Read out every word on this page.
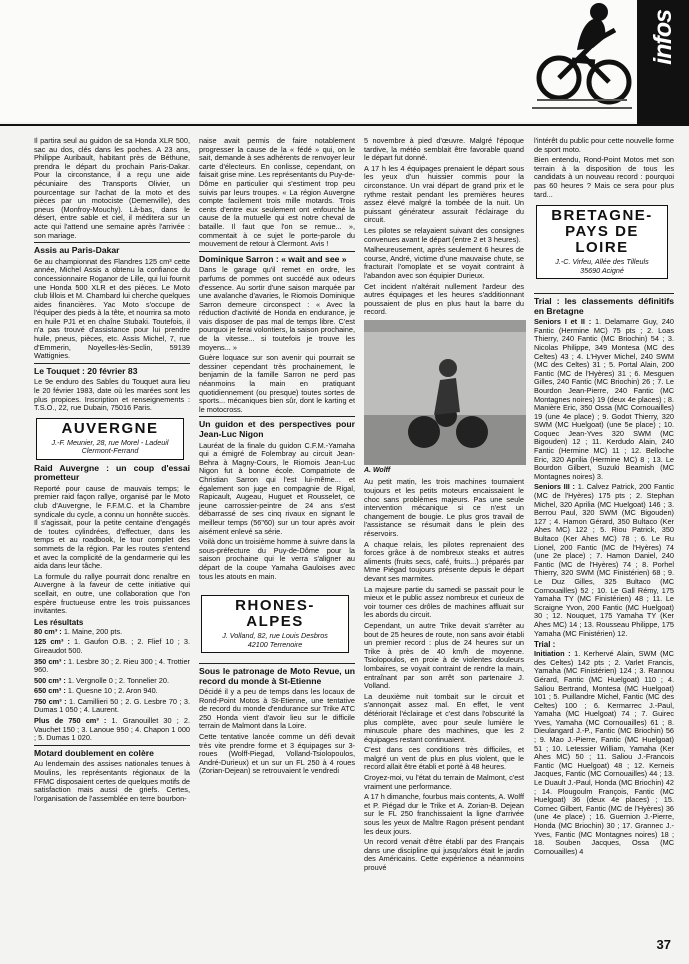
infos

Il partira seul au guidon de sa Honda XLR 500, sac au dos, clés dans les poches. A 23 ans, Philippe Auribault, habitant près de Béthune, prendra le départ du prochain Paris-Dakar. Pour la circonstance, il a reçu une aide pécuniaire des Transports Olivier, un pourcentage sur l'achat de la moto et des pièces par un motociste (Demenville), des pneus (Monfroy-Mouchy). Là-bas, dans le désert, entre sable et ciel, il méditera sur un acte qui l'attend une semaine après l'arrivée : son mariage.

Assis au Paris-Dakar

6e au championnat des Flandres 125 cm³ cette année, Michel Assis a obtenu la confiance du concessionnaire Roganor de Lille, qui lui fournit une Honda 500 XLR et des pièces. Le Moto club lillois et M. Chambard lui cherche quelques aides financières. Yac Moto s'occupe de l'équiper des pieds à la tête, et nourrira sa moto en huile PJ1 et en chaîne Stubaki. Toutefois, il n'a pas trouvé d'assistance pour lui prendre huile, pneus, pièces, etc. Assis Michel, 7, rue d'Emmerin, Noyelles-lès-Seclin, 59139 Wattignies.

Le Touquet : 20 février 83

Le 9e enduro des Sables du Touquet aura lieu le 20 février 1983, date où les marées sont les plus propices. Inscription et renseignements : T.S.O., 22, rue Dubain, 75016 Paris.

AUVERGNE
J.-F. Meunier, 28, rue Morel - Ladeuil
Clermont-Ferrand
Raid Auvergne : un coup d'essai prometteur

Reporté pour cause de mauvais temps; le premier raid façon rallye, organisé par le Moto club d'Auvergne, le F.F.M.C. et la Chambre syndicale du cycle, a connu un honnête succès. Il s'agissait, pour la petite centaine d'engagés de toutes cylindrées, d'effectuer, dans les temps et au roadbook, le tour complet des sommets de la région. Par les routes s'entend et avec la complicité de la gendarmerie qui les aida dans leur tâche.

La formule du rallye pourrait donc renaître en Auvergne à la faveur de cette initiative qui scellait, en outre, une collaboration que l'on espère fructueuse entre les trois puissances invitantes.

Les résultats

80 cm³ : 1. Maine, 200 pts.

125 cm³ : 1. Gaufon O.B. ; 2. Flief 10 ; 3. Gireaudot 500.

350 cm³ : 1. Lesbre 30 ; 2. Rieu 300 ; 4. Trottier 960.

500 cm³ : 1. Vergnolle 0 ; 2. Tonnelier 20.

650 cm³ : 1. Quesne 10 ; 2. Aron 940.

750 cm³ : 1. Camillieri 50 ; 2. G. Lesbre 70 ; 3. Dumas 1 050 ; 4. Laurent.

Plus de 750 cm³ : 1. Granouillet 30 ; 2. Vauchet 150 ; 3. Lanoue 950 ; 4. Chapon 1 000 ; 5. Dumas 1 020.

Motard doublement en colère

Au lendemain des assises nationales tenues à Moulins, les représentants régionaux de la FFMC disposaient certes de quelques motifs de satisfaction mais aussi de griefs. Certes, l'organisation de l'assemblée en terre bourbon-

naise avait permis de faire notablement progresser la cause de la « fédé » qui, on le sait, demande à ses adhérents de renvoyer leur carte d'électeurs. En conlisse, cependant, on faisait grise mine. Les représentants du Puy-de-Dôme en particulier qui s'estiment trop peu suivis par leurs troupes. « La région Auvergne compte facilement trois mille motards. Trois cents d'entre eux seulement ont enfourché la cause de la mutuelle qui est notre cheval de bataille. Il faut que l'on se remue... », commentait à ce sujet le porte-parole du mouvement de retour à Clermont. Avis !

Dominique Sarron : « wait and see »

Dans le garage qu'il remet en ordre, les parfums de pommes ont succédé aux odeurs d'essence. Au sortir d'une saison marquée par une avalanche d'avaries, le Riomois Dominique Sarron demeure circonspect : « Avec la réduction d'activité de Honda en endurance, je vais disposer de pas mal de temps libre. C'est pourquoi je ferai volontiers, la saison prochaine, de la vitesse... si toutefois je trouve les moyens... »

Guère loquace sur son avenir qui pourrait se dessiner cependant très prochainement, le benjamin de la famille Sarron ne perd pas néanmoins la main en pratiquant quotidiennement (ou presque) toutes sortes de sports... mécaniques bien sûr, dont le karting et le motocross.

Un guidon et des perspectives pour Jean-Luc Nigon

Lauréat de la finale du guidon C.F.M.-Yamaha qui a émigré de Folembray au circuit Jean-Behra à Magny-Cours, le Riomois Jean-Luc Nigon fut à bonne école. Compatriote de Christian Sarron qui l'est lui-même... et également son juge en compagnie de Rigal, Rapicault, Augeau, Huguet et Rousselet, ce jeune carrossier-peintre de 24 ans s'est débarrassé de ses cinq rivaux en signant le meilleur temps (56"60) sur un tour après avoir aisément enlevé sa série.

Voilà donc un troisième homme à suivre dans la sous-préfecture du Puy-de-Dôme pour la saison prochaine qui le verra s'aligner au départ de la coupe Yamaha Gauloises avec tous les atouts en main.

RHONES-
ALPES
J. Volland, 82, rue Louis Desbros
42100 Terrenoire
Sous le patronage de Moto Revue, un record du monde à St-Etienne

Décidé il y a peu de temps dans les locaux de Rond-Point Motos à St-Etienne, une tentative de record du monde d'endurance sur Trike ATC 250 Honda vient d'avoir lieu sur le difficile terrain de Malmont dans la Loire.

Cette tentative lancée comme un défi devait très vite prendre forme et 3 équipages sur 3-roues (Wolff-Piegad, Volland-Tsiolopoulos, André-Durieux) et un sur un FL 250 à 4 roues (Zorian-Dejean) se retrouvaient le vendredi

5 novembre à pied d'œuvre. Malgré l'époque tardive, la météo semblait être favorable quand le départ fut donné.

A 17 h les 4 équipages prenaient le départ sous les yeux d'un huissier commis pour la circonstance. Un vrai départ de grand prix et le rythme restait pendant les premières heures assez élevé malgré la tombée de la nuit. Un puissant générateur assurait l'éclairage du circuit.

Les pilotes se relayaient suivant des consignes convenues avant le départ (entre 2 et 3 heures).

Malheureusement, après seulement 6 heures de course, André, victime d'une mauvaise chute, se fracturait l'omoplate et se voyait contraint à l'abandon avec son équipier Durieux.

Cet incident n'altérait nullement l'ardeur des autres équipages et les heures s'additionnant poussaient de plus en plus haut la barre du record.

A. Wolff

Au petit matin, les trois machines tournaient toujours et les petits moteurs encaissaient le choc sans problèmes majeurs. Pas une seule intervention mécanique si ce n'est un changement de bougie. Le plus gros travail de l'assistance se résumait dans le plein des réservoirs.

A chaque relais, les pilotes reprenaient des forces grâce à de nombreux steaks et autres aliments (fruits secs, café, fruits...) préparés par Mme Piégad toujours présente depuis le départ devant ses marmites.

La majeure partie du samedi se passait pour le mieux et le public assez nombreux et curieux de voir tourner ces drôles de machines affluait sur les abords du circuit.

Cependant, un autre Trike devait s'arrêter au bout de 25 heures de route, non sans avoir établi un premier record : plus de 24 heures sur un Trike à près de 40 km/h de moyenne. Tsiolopoulos, en proie à de violentes douleurs lombaires, se voyait contraint de rendre la main, entraînant par son arrêt son partenaire J. Volland.

La deuxième nuit tombait sur le circuit et s'annonçait assez mal. En effet, le vent détériorait l'éclairage et c'est dans l'obscurité la plus complète, avec pour seule lumière le minuscule phare des machines, que les 2 équipages restant continuaient.

C'est dans ces conditions très difficiles, et malgré un vent de plus en plus violent, que le record allait être établi et porté à 48 heures.

Croyez-moi, vu l'état du terrain de Malmont, c'est vraiment une performance.

A 17 h dimanche, fourbus mais contents, A. Wolff et P. Piégad dur le Trike et A. Zorian-B. Dejean sur le FL 250 franchissaient la ligne d'arrivée sous les yeux de Maître Ragon présent pendant les deux jours.

Un record venait d'être établi par des Français dans une discipline qui jusqu'alors était le jardin des Américains. Cette expérience a néanmoins prouvé

l'intérêt du public pour cette nouvelle forme de sport moto.

Bien entendu, Rond-Point Motos met son terrain à la disposition de tous les candidats à un nouveau record : pourquoi pas 60 heures ? Mais ce sera pour plus tard...

BRETAGNE-
PAYS DE
LOIRE
J.-C. Virfeu, Allée des Tilleuls
35690 Acigné
Trial : les classements définitifs en Bretagne

Seniors I et II : 1. Delamarre Guy, 240 Fantic (Hermine MC) 75 pts ; 2. Loas Thierry, 240 Fantic (MC Briochin) 54 ; 3. Nicolas Philippe, 349 Montesa (MC des Celtes) 43 ; 4. L'Hyver Michel, 240 SWM (MC des Celtes) 31 ; 5. Portal Alain, 200 Fantic (MC de l'Hyères) 31 ; 6. Mesguen Gilles, 240 Fantic (MC Briochin) 26 ; 7. Le Bourdon Jean-Pierre, 240 Fantic (MC Montagnes noires) 19 (deux 4e places) ; 8. Manière Eric, 350 Ossa (MC Cornouailles) 19 (une 4e place) ; 9. Godot Thierry, 320 SWM (MC Huelgoat) (une 5e place) ; 10. Coquec Jean-Yves 320 SWM (MC Bigouden) 12 ; 11. Kerdudo Alain, 240 Fantic (Hermine MC) 11 ; 12. Belloche Eric, 320 Aprilia (Hermine MC) 8 ; 13. Le Bourdon Gilbert, Suzuki Beamish (MC Montagnes noires) 3.

Seniors III : 1. Calvez Patrick, 200 Fantic (MC de l'Hyères) 175 pts ; 2. Stephan Michel, 320 Aprilia (MC Huelgoat) 146 ; 3. Berrou Paul, 320 SWM (MC Bigouden) 127 ; 4. Hamon Gérard, 350 Bultaco (Ker Ahes MC) 122 ; 5. Riou Patrick, 350 Bultaco (Ker Ahes MC) 78 ; 6. Le Ru Lionel, 200 Fantic (MC de l'Hyères) 74 (une 2e place) ; 7. Hamon Daniel, 240 Fantic (MC de l'Hyères) 74 ; 8. Porhel Thierry, 320 SWM (MC Finistérien) 68 ; 9. Le Duz Gilles, 325 Bultaco (MC Cornouailles) 52 ; 10. Le Gall Rémy, 175 Yamaha TY (MC Finistérien) 48 ; 11. Le Scraigne Yvon, 200 Fantic (MC Huelgoat) 30 ; 12. Nouquet, 175 Yamaha TY (Ker Ahes MC) 14 ; 13. Rousseau Philippe, 175 Yamaha (MC Finistérien) 12.

Trial :

Initiation : 1. Kerhervé Alain, SWM (MC des Celtes) 142 pts ; 2. Varlet Francis, Yamaha (MC Finistérien) 124 ; 3. Rannou Gérard, Fantic (MC Huelgoat) 110 ; 4. Saliou Bertrand, Montesa (MC Huelgoat) 101 ; 5. Puillandre Michel, Fantic (MC des Celtes) 100 ; 6. Kermarrec J.-Paul, Yamaha (MC Huelgoat) 74 ; 7. Guirec Yves, Yamaha (MC Cornouailles) 61 ; 8. Dieulangard J.-P., Fantic (MC Briochin) 56 ; 9. Mao J.-Pierre, Fantic (MC Huelgoat) 51 ; 10. Letessier William, Yamaha (Ker Ahes MC) 50 ; 11. Saliou J.-Francois Fantic (MC Huelgoat) 48 ; 12. Kerneis Jacques, Fantic (MC Cornouailles) 44 ; 13. Le Duault J.-Paul, Honda (MC Briochin) 42 ; 14. Plougoulm François, Fantic (MC Huelgoat) 36 (deux 4e places) ; 15. Cornec Gilbert, Fantic (MC de l'Hyères) 36 (une 4e place) ; 16. Guernion J.-Pierre, Honda (MC Briochin) 30 ; 17. Grannec J.-Yves, Fantic (MC Montagnes noires) 18 ; 18. Souben Jacques, Ossa (MC Cornouailles) 4

37
